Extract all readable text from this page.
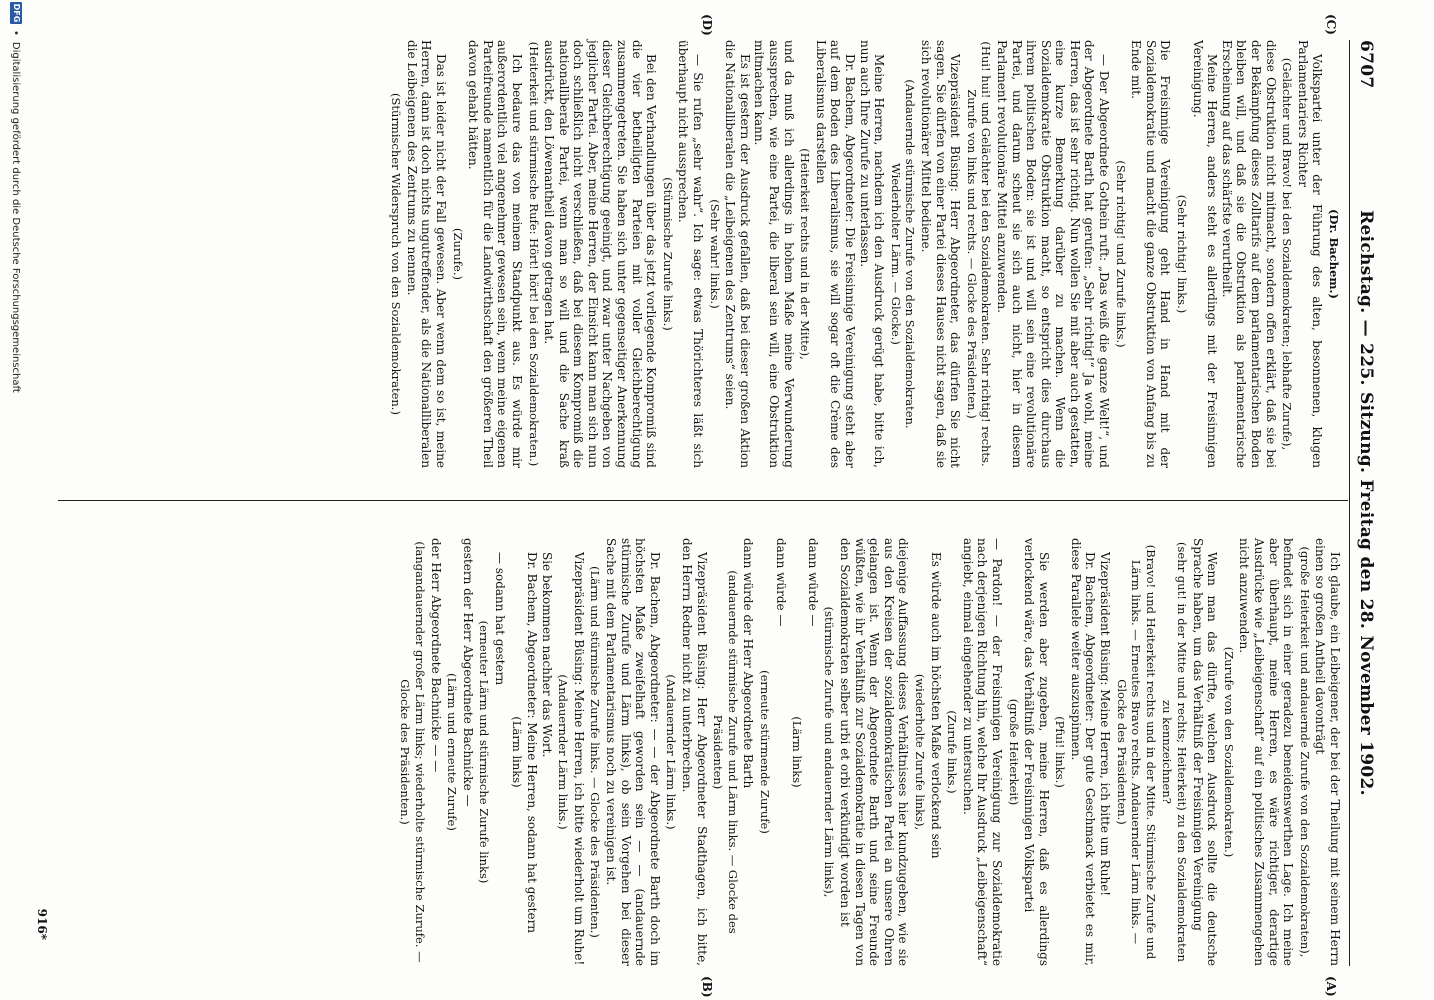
6707
Reichstag. — 225. Sitzung. Freitag den 28. November 1902.
(C)
(D)
(A)
(B)

(Dr. Bachem.)

Volkspartei unter der Führung des alten, besonnenen, klugen Parlamentariers Richter

(Gelächter und Bravo! bei den Sozialdemokraten; lebhafte Zurufe),

diese Obstruktion nicht mitmacht, sondern offen erklärt, daß sie bei der Bekämpfung dieses Zolltarifs auf dem parlamentarischen Boden bleiben will, und daß sie die Obstruktion als parlamentarische Erscheinung auf das schärfste verurtheilt.

Meine Herren, anders steht es allerdings mit der Freisinnigen Vereinigung.

(Sehr richtig! links.)

Die Freisinnige Vereinigung geht Hand in Hand mit der Sozialdemokratie und macht die ganze Obstruktion von Anfang bis zu Ende mit.

(Sehr richtig! und Zurufe links.)

— Der Abgeordnete Gothein ruft: „Das weiß die ganze Welt!“, und der Abgeordnete Barth hat gerufen: „Sehr richtig!“ Ja wohl, meine Herren, das ist sehr richtig. Nun wollen Sie mit aber auch gestatten, eine kurze Bemerkung darüber zu machen. Wenn die Sozialdemokratie Obstruktion macht, so entspricht dies durchaus ihrem politischen Boden: sie ist und will sein eine revolutionäre Partei, und darum scheut sie sich auch nicht, hier in diesem Parlament revolutionäre Mittel anzuwenden.

(Hui! hui! und Gelächter bei den Sozialdemokraten. Sehr richtig! rechts. Zurufe von links und rechts. — Glocke des Präsidenten.)

Vizepräsident Büsing: Herr Abgeordneter, das dürfen Sie nicht sagen. Sie dürfen von einer Partei dieses Hauses nicht sagen, daß sie sich revolutionärer Mittel bediene.

(Andauernde stürmische Zurufe von den Sozialdemokraten. Wiederholter Lärm. — Glocke.)

Meine Herren, nachdem ich den Ausdruck gerügt habe, bitte ich, nun auch Ihre Zurufe zu unterlassen.

Dr. Bachem, Abgeordneter: Die Freisinnige Vereinigung steht aber auf dem Boden des Liberalismus, sie will sogar oft die Crème des Liberalismus darstellen

(Heiterkeit rechts und in der Mitte),

und da muß ich allerdings in hohem Maße meine Verwunderung aussprechen, wie eine Partei, die liberal sein will, eine Obstruktion mitmachen kann.

Es ist gestern der Ausdruck gefallen, daß bei dieser großen Aktion die Nationalliberalen die „Leibeigenen des Zentrums“ seien.

(Sehr wahr! links.)

— Sie rufen „sehr wahr“. Ich sage: etwas Thörichteres läßt sich überhaupt nicht aussprechen.

(Stürmische Zurufe links.)

Bei den Verhandlungen über das jetzt vorliegende Kompromiß sind die vier betheiligten Parteien mit voller Gleichberechtigung zusammengetreten. Sie haben sich unter gegenseitiger Anerkennung dieser Gleichberechtigung geeinigt, und zwar unter Nachgeben von jeglicher Partei. Aber, meine Herren, der Einsicht kann man sich nun doch schließlich nicht verschließen, daß bei diesem Kompromiß die nationalliberale Partei, wenn man so will und die Sache kraß ausdrückt, den Löwenantheil davon getragen hat.

(Heiterkeit und stürmische Rufe: Hört! hört! bei den Sozialdemokraten.)

Ich bedaure das von meinem Standpunkt aus. Es würde mir außerordentlich viel angenehmer gewesen sein, wenn meine eigenen Parteifreunde namentlich für die Landwirthschaft den größeren Theil davon gehabt hätten.

(Zurufe.)

Das ist leider nicht der Fall gewesen. Aber wenn dem so ist, meine Herren, dann ist doch nichts ungutreffender, als die Nationalliberalen die Leibeigenen des Zentrums zu nennen.

(Stürmischer Widerspruch von den Sozialdemokraten.)

Ich glaube, ein Leibeigener, der bei der Theilung mit seinem Herrn einen so großen Antheil davonträgt

(große Heiterkeit und andauernde Zurufe von den Sozialdemokraten),

befindet sich in einer geradezu beneidenswerthen Lage. Ich meine aber überhaupt, meine Herren, es wäre richtiger, derartige Ausdrücke wie „Leibeigenschaft“ auf ein politisches Zusammengehen nicht anzuwenden.

(Zurufe von den Sozialdemokraten.)

Wenn man das dürfte, welchen Ausdruck sollte die deutsche Sprache haben, um das Verhältniß der Freisinnigen Vereinigung

(sehr gut! in der Mitte und rechts; Heiterkeit) zu den Sozialdemokraten zu kennzeichnen?

(Bravo! und Heiterkeit rechts und in der Mitte. Stürmische Zurufe und Lärm links. — Erneutes Bravo rechts. Andauernder Lärm links. — Glocke des Präsidenten.)

Vizepräsident Büsing: Meine Herren, ich bitte um Ruhe!

Dr. Bachem, Abgeordneter: Der gute Geschmack verbietet es mir, diese Parallele weiter auszuspinnen.

(Pfui! links.)

Sie werden aber zugeben, meine Herren, daß es allerdings verlockend wäre, das Verhältniß der Freisinnigen Volkspartei

(große Heiterkeit)

— Pardon! — der Freisinnigen Vereinigung zur Sozialdemokratie nach derjenigen Richtung hin, welche Ihr Ausdruck „Leibeigenschaft“ angiebt, einmal eingehender zu untersuchen.

(Zurufe links.)

Es würde auch im höchsten Maße verlockend sein

(wiederholte Zurufe links),

diejenige Auffassung dieses Verhältnisses hier kundzugeben, wie sie aus den Kreisen der sozialdemokratischen Partei an unsere Ohren gelangen ist. Wenn der Abgeordnete Barth und seine Freunde wüßten, wie ihr Verhältniß zur Sozialdemokratie in diesen Tagen von den Sozialdemokraten selber urbi et orbi verkündigt worden ist

(stürmische Zurufe und andauernder Lärm links),

dann würde —

(Lärm links)

dann würde —

(erneute stürmende Zurufe)

dann würde der Herr Abgeordnete Barth

(andauernde stürmische Zurufe und Lärm links. — Glocke des Präsidenten)

Vizepräsident Büsing: Herr Abgeordneter Stadthagen, ich bitte, den Herrn Redner nicht zu unterbrechen.

(Andauernder Lärm links.)

Dr. Bachem, Abgeordneter: — — der Abgeordnete Barth doch im höchsten Maße zweifelhaft geworden sein — — (andauernde stürmische Zurufe und Lärm links), ob sein Vorgehen bei dieser Sache mit dem Parlamentarismus noch zu vereinigen ist.

(Lärm und stürmische Zurufe links. — Glocke des Präsidenten.)

Vizepräsident Büsing: Meine Herren, ich bitte wiederholt um Ruhe!

(Andauernder Lärm links.)

Sie bekommen nachher das Wort.

Dr. Bachem, Abgeordneter: Meine Herren, sodann hat gestern

(Lärm links)

— sodann hat gestern

(erneuter Lärm und stürmische Zurufe links)

gestern der Herr Abgeordnete Bachnicke —

(Lärm und erneute Zurufe)

der Herr Abgeordnete Bachnicke — —

(langandauernder großer Lärm links; wiederholte stürmische Zurufe. — Glocke des Präsidenten.)

916*
DFG
•
Digitalisierung gefördert durch die Deutsche Forschungsgemeinschaft
